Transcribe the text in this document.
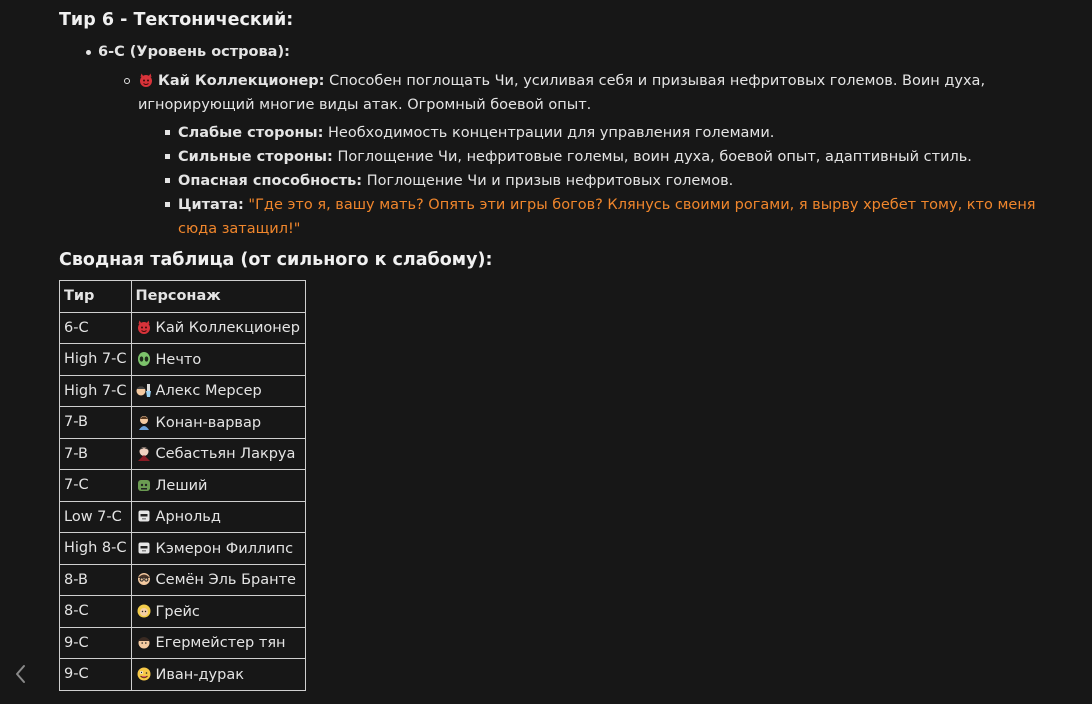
Тир 6 - Тектонический:
6-C (Уровень острова):
Кай Коллекционер: Способен поглощать Чи, усиливая себя и призывая нефритовых големов. Воин духа, игнорирующий многие виды атак. Огромный боевой опыт.
Слабые стороны: Необходимость концентрации для управления големами.
Сильные стороны: Поглощение Чи, нефритовые големы, воин духа, боевой опыт, адаптивный стиль.
Опасная способность: Поглощение Чи и призыв нефритовых големов.
Цитата: "Где это я, вашу мать? Опять эти игры богов? Клянусь своими рогами, я вырву хребет тому, кто меня сюда затащил!"
Сводная таблица (от сильного к слабому):
Тир	Персонаж
6-C	Кай Коллекционер
High 7-C	Нечто
High 7-C	Алекс Мерсер
7-B	Конан-варвар
7-B	Себастьян Лакруа
7-C	Леший
Low 7-C	Арнольд
High 8-C	Кэмерон Филлипс
8-B	Семён Эль Бранте
8-C	Грейс
9-C	Егермейстер тян
9-C	Иван-дурак
